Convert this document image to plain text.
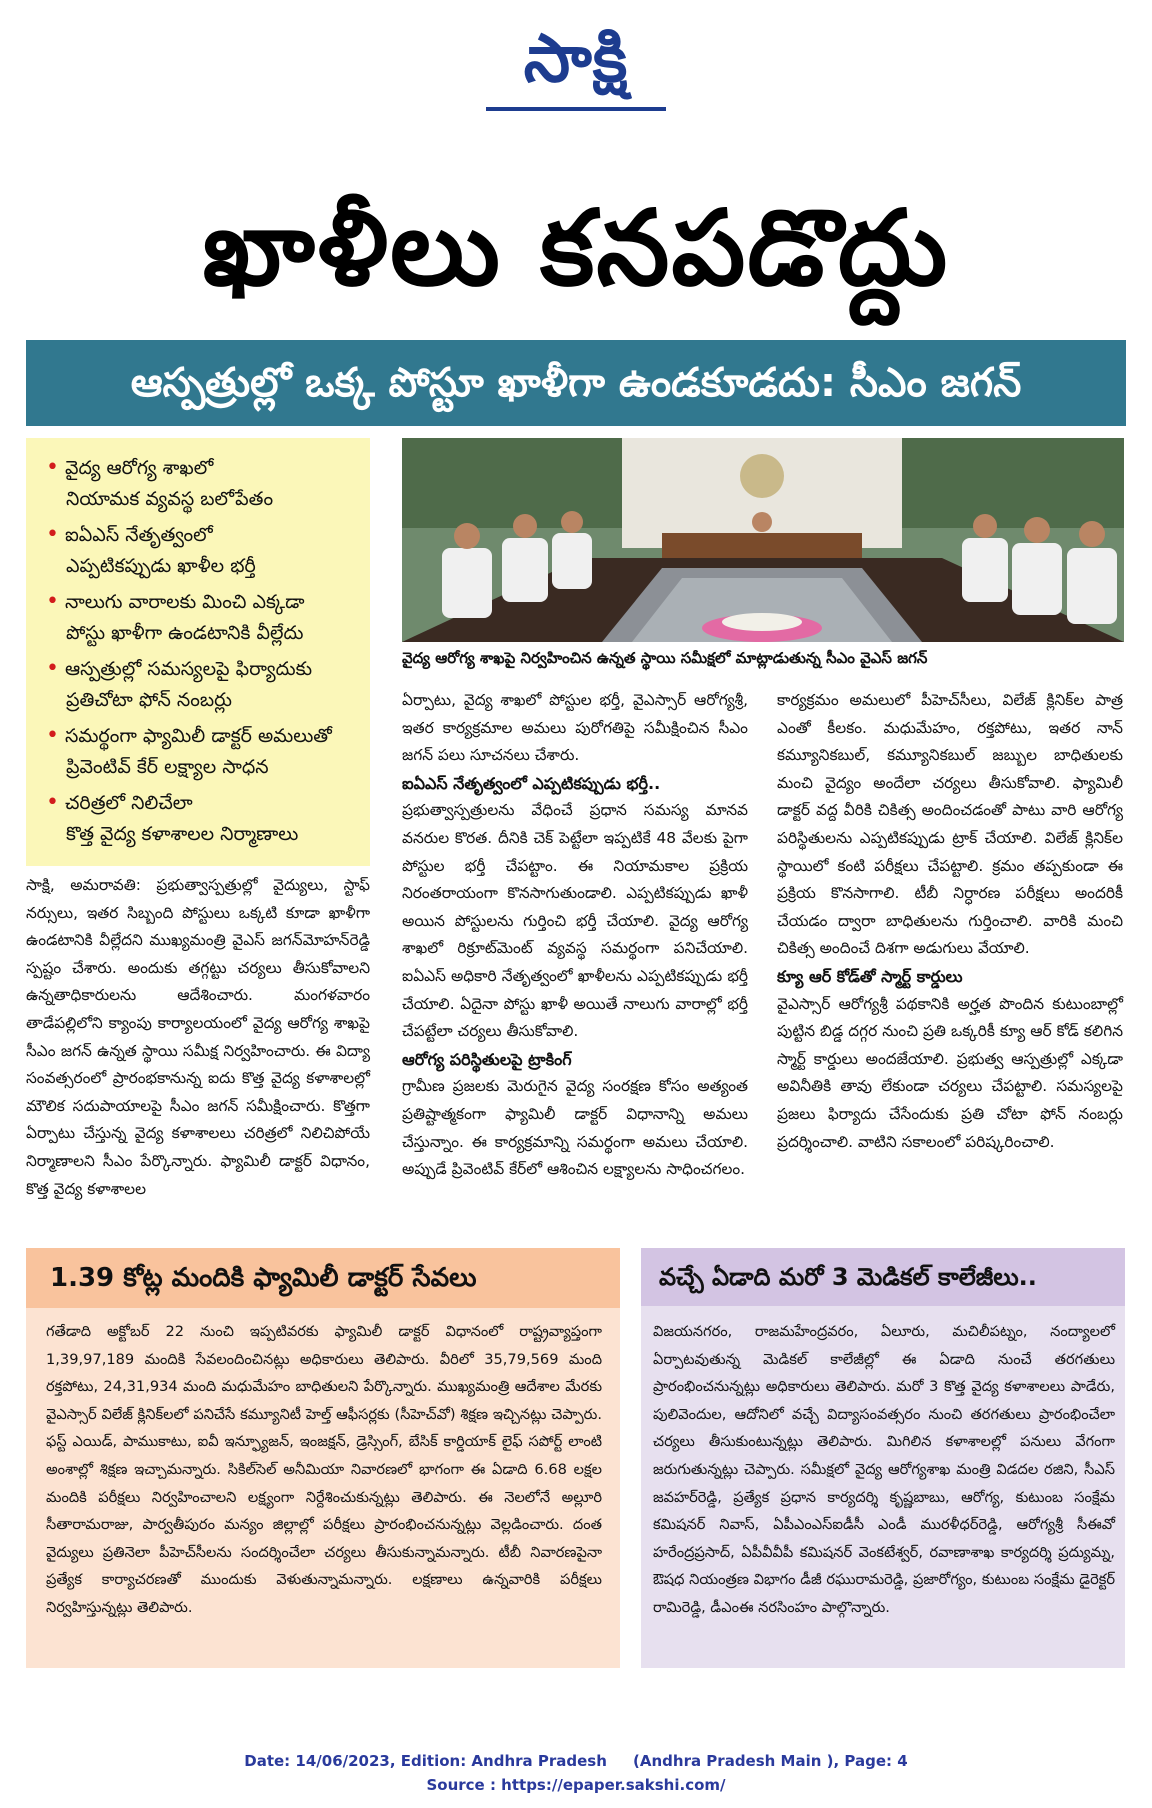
సాక్షి
ఖాళీలు కనపడొద్దు
ఆస్పత్రుల్లో ఒక్క పోస్టూ ఖాళీగా ఉండకూడదు: సీఎం జగన్
• వైద్య ఆరోగ్య శాఖలో
నియామక వ్యవస్థ బలోపేతం
• ఐఏఎస్ నేతృత్వంలో
ఎప్పటికప్పుడు ఖాళీల భర్తీ
• నాలుగు వారాలకు మించి ఎక్కడా
పోస్టు ఖాళీగా ఉండటానికి వీల్లేదు
• ఆస్పత్రుల్లో సమస్యలపై ఫిర్యాదుకు
ప్రతిచోటా ఫోన్ నంబర్లు
• సమర్థంగా ఫ్యామిలీ డాక్టర్ అమలుతో
ప్రివెంటివ్ కేర్ లక్ష్యాల సాధన
• చరిత్రలో నిలిచేలా
కొత్త వైద్య కళాశాలల నిర్మాణాలు
వైద్య ఆరోగ్య శాఖపై నిర్వహించిన ఉన్నత స్థాయి సమీక్షలో మాట్లాడుతున్న సీఎం వైఎస్ జగన్
సాక్షి, అమరావతి: ప్రభుత్వాస్పత్రుల్లో వైద్యులు, స్టాఫ్ నర్సులు, ఇతర సిబ్బంది పోస్టులు ఒక్కటి కూడా ఖాళీగా ఉండటానికి వీల్లేదని ముఖ్యమంత్రి వైఎస్ జగన్‌మోహన్‌రెడ్డి స్పష్టం చేశారు. అందుకు తగ్గట్టు చర్యలు తీసుకోవాలని ఉన్నతాధికారులను ఆదేశించారు. మంగళవారం తాడేపల్లిలోని క్యాంపు కార్యాలయంలో వైద్య ఆరోగ్య శాఖపై సీఎం జగన్ ఉన్నత స్థాయి సమీక్ష నిర్వహించారు. ఈ విద్యా సంవత్సరంలో ప్రారంభకానున్న ఐదు కొత్త వైద్య కళాశాలల్లో మౌలిక సదుపాయాలపై సీఎం జగన్ సమీక్షించారు. కొత్తగా ఏర్పాటు చేస్తున్న వైద్య కళాశాలలు చరిత్రలో నిలిచిపోయే నిర్మాణాలని సీఎం పేర్కొన్నారు. ఫ్యామిలీ డాక్టర్ విధానం, కొత్త వైద్య కళాశాలల
ఏర్పాటు, వైద్య శాఖలో పోస్టుల భర్తీ, వైఎస్సార్ ఆరోగ్యశ్రీ, ఇతర కార్యక్రమాల అమలు పురోగతిపై సమీక్షించిన సీఎం జగన్ పలు సూచనలు చేశారు.
ఐఏఎస్ నేతృత్వంలో ఎప్పటికప్పుడు భర్తీ..
ప్రభుత్వాస్పత్రులను వేధించే ప్రధాన సమస్య మానవ వనరుల కొరత. దీనికి చెక్ పెట్టేలా ఇప్పటికే 48 వేలకు పైగా పోస్టుల భర్తీ చేపట్టాం. ఈ నియామకాల ప్రక్రియ నిరంతరాయంగా కొనసాగుతుండాలి. ఎప్పటికప్పుడు ఖాళీ అయిన పోస్టులను గుర్తించి భర్తీ చేయాలి. వైద్య ఆరోగ్య శాఖలో రిక్రూట్‌మెంట్ వ్యవస్థ సమర్థంగా పనిచేయాలి. ఐఏఎస్ అధికారి నేతృత్వంలో ఖాళీలను ఎప్పటికప్పుడు భర్తీ చేయాలి. ఏదైనా పోస్టు ఖాళీ అయితే నాలుగు వారాల్లో భర్తీ చేపట్టేలా చర్యలు తీసుకోవాలి.
ఆరోగ్య పరిస్థితులపై ట్రాకింగ్
గ్రామీణ ప్రజలకు మెరుగైన వైద్య సంరక్షణ కోసం అత్యంత ప్రతిష్టాత్మకంగా ఫ్యామిలీ డాక్టర్ విధానాన్ని అమలు చేస్తున్నాం. ఈ కార్యక్రమాన్ని సమర్థంగా అమలు చేయాలి. అప్పుడే ప్రివెంటివ్ కేర్‌లో ఆశించిన లక్ష్యాలను సాధించగలం.
కార్యక్రమం అమలులో పీహెచ్‌సీలు, విలేజ్ క్లినిక్‌ల పాత్ర ఎంతో కీలకం. మధుమేహం, రక్తపోటు, ఇతర నాన్ కమ్యూనికబుల్, కమ్యూనికబుల్ జబ్బుల బాధితులకు మంచి వైద్యం అందేలా చర్యలు తీసుకోవాలి. ఫ్యామిలీ డాక్టర్ వద్ద వీరికి చికిత్స అందించడంతో పాటు వారి ఆరోగ్య పరిస్థితులను ఎప్పటికప్పుడు ట్రాక్ చేయాలి. విలేజ్ క్లినిక్‌ల స్థాయిలో కంటి పరీక్షలు చేపట్టాలి. క్రమం తప్పకుండా ఈ ప్రక్రియ కొనసాగాలి. టీబీ నిర్ధారణ పరీక్షలు అందరికీ చేయడం ద్వారా బాధితులను గుర్తించాలి. వారికి మంచి చికిత్స అందించే దిశగా అడుగులు వేయాలి.
క్యూ ఆర్ కోడ్‌తో స్మార్ట్ కార్డులు
వైఎస్సార్ ఆరోగ్యశ్రీ పథకానికి అర్హత పొందిన కుటుంబాల్లో పుట్టిన బిడ్డ దగ్గర నుంచి ప్రతి ఒక్కరికీ క్యూ ఆర్ కోడ్ కలిగిన స్మార్ట్ కార్డులు అందజేయాలి. ప్రభుత్వ ఆస్పత్రుల్లో ఎక్కడా అవినీతికి తావు లేకుండా చర్యలు చేపట్టాలి. సమస్యలపై ప్రజలు ఫిర్యాదు చేసేందుకు ప్రతి చోటా ఫోన్ నంబర్లు ప్రదర్శించాలి. వాటిని సకాలంలో పరిష్కరించాలి.
1.39 కోట్ల మందికి ఫ్యామిలీ డాక్టర్ సేవలు
గతేడాది అక్టోబర్ 22 నుంచి ఇప్పటివరకు ఫ్యామిలీ డాక్టర్ విధానంలో రాష్ట్రవ్యాప్తంగా 1,39,97,189 మందికి సేవలందించినట్లు అధికారులు తెలిపారు. వీరిలో 35,79,569 మంది రక్తపోటు, 24,31,934 మంది మధుమేహం బాధితులని పేర్కొన్నారు. ముఖ్యమంత్రి ఆదేశాల మేరకు వైఎస్సార్ విలేజ్ క్లినిక్‌లలో పనిచేసే కమ్యూనిటీ హెల్త్ ఆఫీసర్లకు (సీహెచ్‌వో) శిక్షణ ఇచ్చినట్లు చెప్పారు. ఫస్ట్ ఎయిడ్, పాముకాటు, ఐవీ ఇన్ఫ్యూజన్, ఇంజక్షన్, డ్రెస్సింగ్, బేసిక్ కార్డియాక్ లైఫ్ సపోర్ట్ లాంటి అంశాల్లో శిక్షణ ఇచ్చామన్నారు. సికిల్‌సెల్ అనీమియా నివారణలో భాగంగా ఈ ఏడాది 6.68 లక్షల మందికి పరీక్షలు నిర్వహించాలని లక్ష్యంగా నిర్దేశించుకున్నట్లు తెలిపారు. ఈ నెలలోనే అల్లూరి సీతారామరాజు, పార్వతీపురం మన్యం జిల్లాల్లో పరీక్షలు ప్రారంభించనున్నట్లు వెల్లడించారు. దంత వైద్యులు ప్రతినెలా పీహెచ్‌సీలను సందర్శించేలా చర్యలు తీసుకున్నామన్నారు. టీబీ నివారణపైనా ప్రత్యేక కార్యాచరణతో ముందుకు వెళుతున్నామన్నారు. లక్షణాలు ఉన్నవారికి పరీక్షలు నిర్వహిస్తున్నట్లు తెలిపారు.
వచ్చే ఏడాది మరో 3 మెడికల్ కాలేజీలు..
విజయనగరం, రాజమహేంద్రవరం, ఏలూరు, మచిలీపట్నం, నంద్యాలలో ఏర్పాటవుతున్న మెడికల్ కాలేజీల్లో ఈ ఏడాది నుంచే తరగతులు ప్రారంభించనున్నట్లు అధికారులు తెలిపారు. మరో 3 కొత్త వైద్య కళాశాలలు పాడేరు, పులివెందుల, ఆదోనిలో వచ్చే విద్యాసంవత్సరం నుంచి తరగతులు ప్రారంభించేలా చర్యలు తీసుకుంటున్నట్లు తెలిపారు. మిగిలిన కళాశాలల్లో పనులు వేగంగా జరుగుతున్నట్లు చెప్పారు. సమీక్షలో వైద్య ఆరోగ్యశాఖ మంత్రి విడదల రజిని, సీఎస్ జవహర్‌రెడ్డి, ప్రత్యేక ప్రధాన కార్యదర్శి కృష్ణబాబు, ఆరోగ్య, కుటుంబ సంక్షేమ కమిషనర్ నివాస్, ఏపీఎంఎస్ఐడీసీ ఎండీ మురళీధర్‌రెడ్డి, ఆరోగ్యశ్రీ సీఈవో హరేంద్రప్రసాద్, ఏపీవీవీపీ కమిషనర్ వెంకటేశ్వర్, రవాణాశాఖ కార్యదర్శి ప్రద్యుమ్న, ఔషధ నియంత్రణ విభాగం డీజీ రఘురామరెడ్డి, ప్రజారోగ్యం, కుటుంబ సంక్షేమ డైరెక్టర్ రామిరెడ్డి, డీఎంఈ నరసింహం పాల్గొన్నారు.
Date: 14/06/2023, Edition: Andhra Pradesh     (Andhra Pradesh Main ), Page: 4
Source : https://epaper.sakshi.com/
